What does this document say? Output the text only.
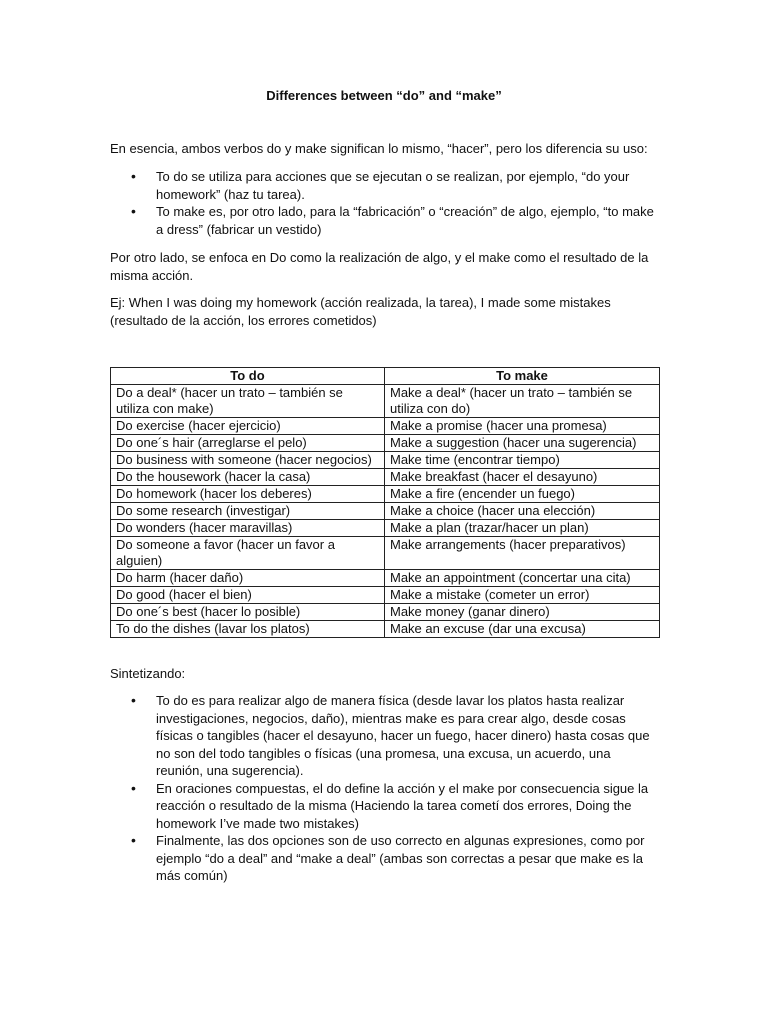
Differences between “do” and “make”
En esencia, ambos verbos do y make significan lo mismo, “hacer”, pero los diferencia su uso:
• To do se utiliza para acciones que se ejecutan o se realizan, por ejemplo, “do your homework” (haz tu tarea).
• To make es, por otro lado, para la “fabricación” o “creación” de algo, ejemplo, “to make a dress” (fabricar un vestido)
Por otro lado, se enfoca en Do como la realización de algo, y el make como el resultado de la misma acción.
Ej: When I was doing my homework (acción realizada, la tarea), I made some mistakes (resultado de la acción, los errores cometidos)
To do	To make
Do a deal* (hacer un trato – también se utiliza con make)	Make a deal* (hacer un trato – también se utiliza con do)
Do exercise (hacer ejercicio)	Make a promise (hacer una promesa)
Do one´s hair (arreglarse el pelo)	Make a suggestion (hacer una sugerencia)
Do business with someone (hacer negocios)	Make time (encontrar tiempo)
Do the housework (hacer la casa)	Make breakfast (hacer el desayuno)
Do homework (hacer los deberes)	Make a fire (encender un fuego)
Do some research (investigar)	Make a choice (hacer una elección)
Do wonders (hacer maravillas)	Make a plan (trazar/hacer un plan)
Do someone a favor (hacer un favor a alguien)	Make arrangements (hacer preparativos)
Do harm (hacer daño)	Make an appointment (concertar una cita)
Do good (hacer el bien)	Make a mistake (cometer un error)
Do one´s best (hacer lo posible)	Make money (ganar dinero)
To do the dishes (lavar los platos)	Make an excuse (dar una excusa)
Sintetizando:
• To do es para realizar algo de manera física (desde lavar los platos hasta realizar investigaciones, negocios, daño), mientras make es para crear algo, desde cosas físicas o tangibles (hacer el desayuno, hacer un fuego, hacer dinero) hasta cosas que no son del todo tangibles o físicas (una promesa, una excusa, un acuerdo, una reunión, una sugerencia).
• En oraciones compuestas, el do define la acción y el make por consecuencia sigue la reacción o resultado de la misma (Haciendo la tarea cometí dos errores, Doing the homework I’ve made two mistakes)
• Finalmente, las dos opciones son de uso correcto en algunas expresiones, como por ejemplo “do a deal” and “make a deal” (ambas son correctas a pesar que make es la más común)
